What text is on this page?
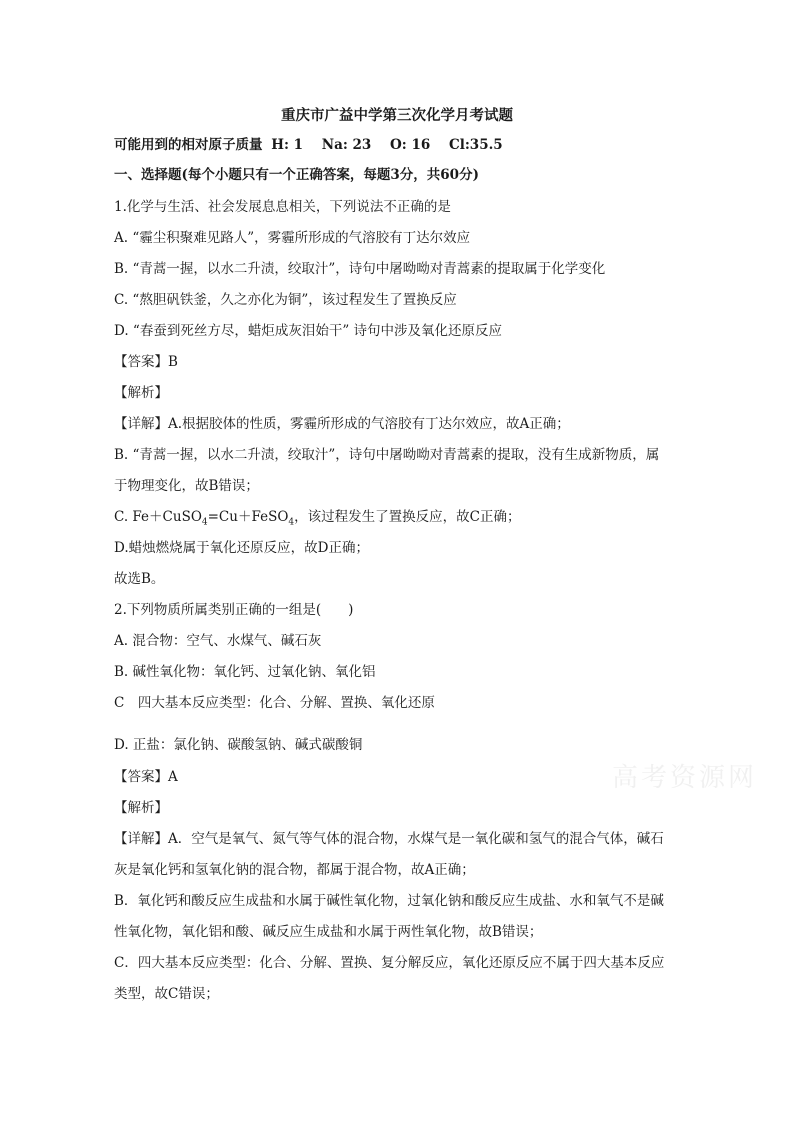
重庆市广益中学第三次化学月考试题
可能用到的相对原子质量 H: 1 Na: 23 O: 16 Cl:35.5
一、选择题(每个小题只有一个正确答案，每题3分，共60分)
1.化学与生活、社会发展息息相关，下列说法不正确的是
A. “霾尘积聚难见路人”，雾霾所形成的气溶胶有丁达尔效应
B. “青蒿一握，以水二升渍，绞取汁”，诗句中屠呦呦对青蒿素的提取属于化学变化
C. “熬胆矾铁釜，久之亦化为铜”，该过程发生了置换反应
D. “春蚕到死丝方尽，蜡炬成灰泪始干” 诗句中涉及氧化还原反应
【答案】B
【解析】
【详解】A.根据胶体的性质，雾霾所形成的气溶胶有丁达尔效应，故A正确；
B. “青蒿一握，以水二升渍，绞取汁”，诗句中屠呦呦对青蒿素的提取，没有生成新物质，属
于物理变化，故B错误；
C. Fe＋CuSO$_4$=Cu＋FeSO$_4$，该过程发生了置换反应，故C正确；
D.蜡烛燃烧属于氧化还原反应，故D正确；
故选B。
2.下列物质所属类别正确的一组是(　　)
A. 混合物：空气、水煤气、碱石灰
B. 碱性氧化物：氧化钙、过氧化钠、氧化铝
C　四大基本反应类型：化合、分解、置换、氧化还原
D. 正盐：氯化钠、碳酸氢钠、碱式碳酸铜
【答案】A
【解析】
【详解】A．空气是氧气、氮气等气体的混合物，水煤气是一氧化碳和氢气的混合气体，碱石
灰是氧化钙和氢氧化钠的混合物，都属于混合物，故A正确；
B．氧化钙和酸反应生成盐和水属于碱性氧化物，过氧化钠和酸反应生成盐、水和氧气不是碱
性氧化物，氧化铝和酸、碱反应生成盐和水属于两性氧化物，故B错误；
C．四大基本反应类型：化合、分解、置换、复分解反应，氧化还原反应不属于四大基本反应
类型，故C错误；
高考资源网
